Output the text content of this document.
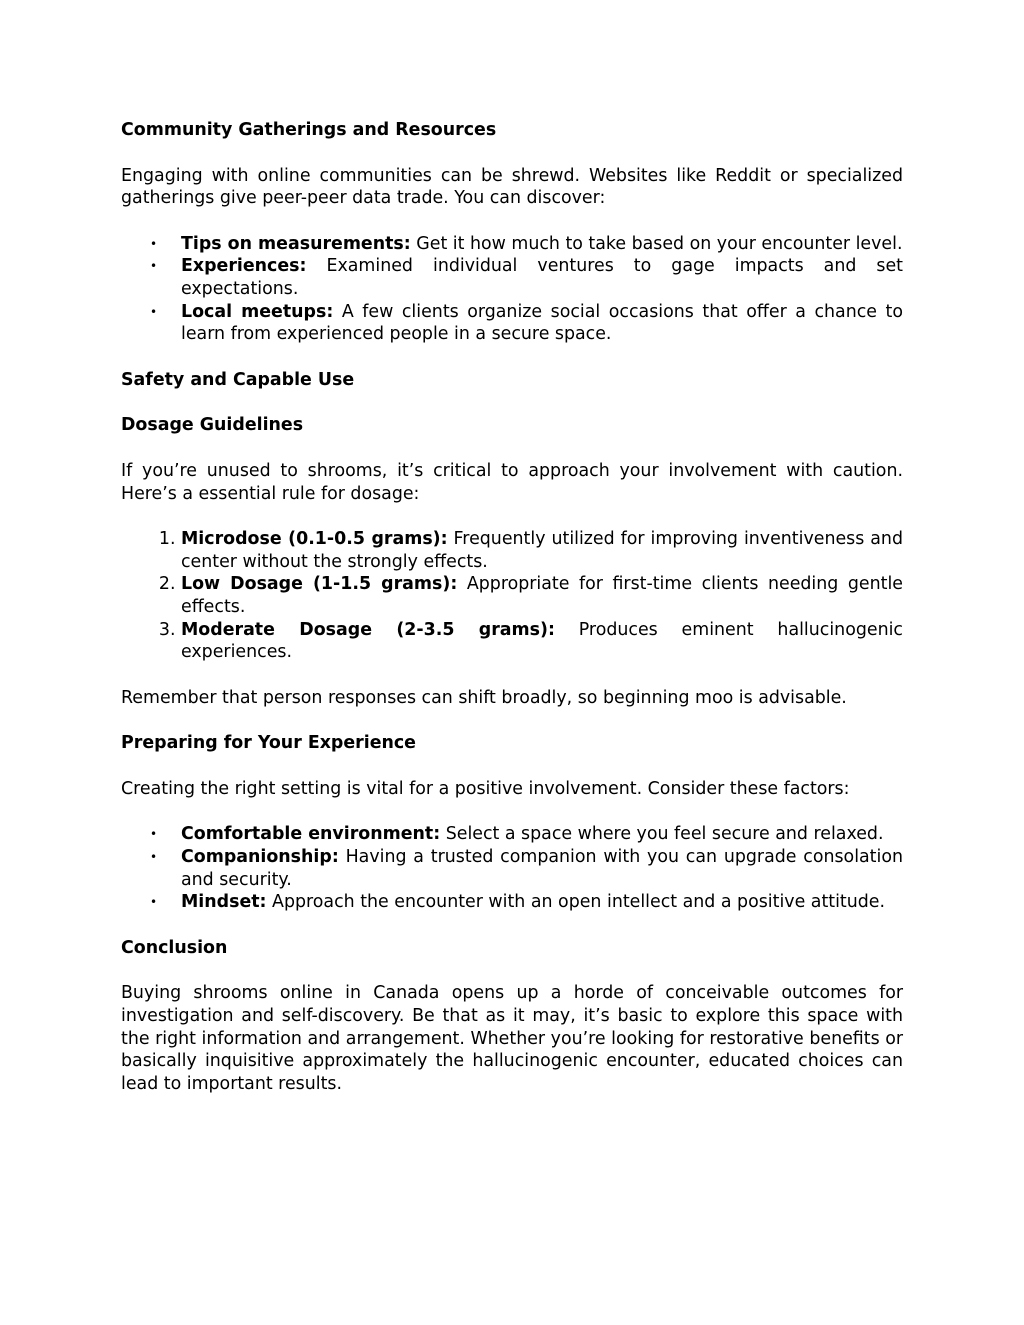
Community Gatherings and Resources

Engaging with online communities can be shrewd. Websites like Reddit or specialized gatherings give peer-peer data trade. You can discover:

• Tips on measurements: Get it how much to take based on your encounter level.
• Experiences: Examined individual ventures to gage impacts and set expectations.
• Local meetups: A few clients organize social occasions that offer a chance to learn from experienced people in a secure space.
Safety and Capable Use
Dosage Guidelines

If you’re unused to shrooms, it’s critical to approach your involvement with caution. Here’s a essential rule for dosage:

1. Microdose (0.1-0.5 grams): Frequently utilized for improving inventiveness and center without the strongly effects.
2. Low Dosage (1-1.5 grams): Appropriate for first-time clients needing gentle effects.
3. Moderate Dosage (2-3.5 grams): Produces eminent hallucinogenic experiences.

Remember that person responses can shift broadly, so beginning moo is advisable.

Preparing for Your Experience

Creating the right setting is vital for a positive involvement. Consider these factors:

• Comfortable environment: Select a space where you feel secure and relaxed.
• Companionship: Having a trusted companion with you can upgrade consolation and security.
• Mindset: Approach the encounter with an open intellect and a positive attitude.
Conclusion

Buying shrooms online in Canada opens up a horde of conceivable outcomes for investigation and self-discovery. Be that as it may, it’s basic to explore this space with the right information and arrangement. Whether you’re looking for restorative benefits or basically inquisitive approximately the hallucinogenic encounter, educated choices can lead to important results.
